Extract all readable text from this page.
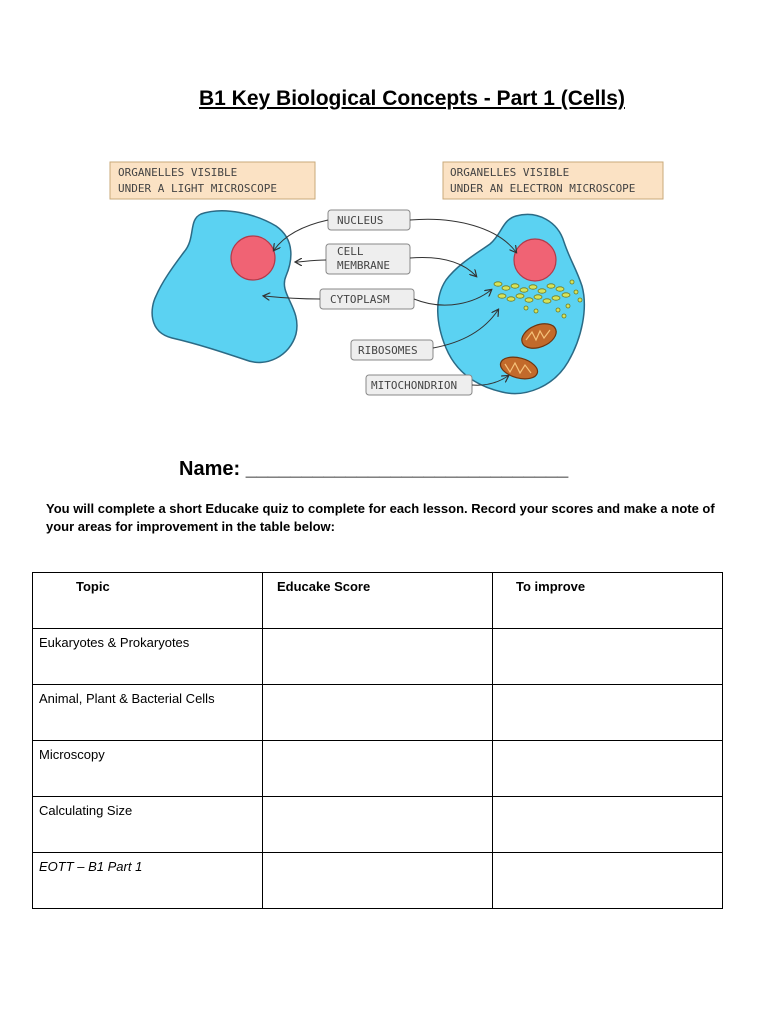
B1 Key Biological Concepts - Part 1 (Cells)
ORGANELLES VISIBLE
UNDER A LIGHT MICROSCOPE
ORGANELLES VISIBLE
UNDER AN ELECTRON MICROSCOPE
NUCLEUS
CELL
MEMBRANE
CYTOPLASM
RIBOSOMES
MITOCHONDRION
Name: _____________________________
You will complete a short Educake quiz to complete for each lesson. Record your scores and make a note of your areas for improvement in the table below:
Topic	Educake Score	To improve
Eukaryotes & Prokaryotes		
Animal, Plant & Bacterial Cells		
Microscopy		
Calculating Size		
EOTT – B1 Part 1		
